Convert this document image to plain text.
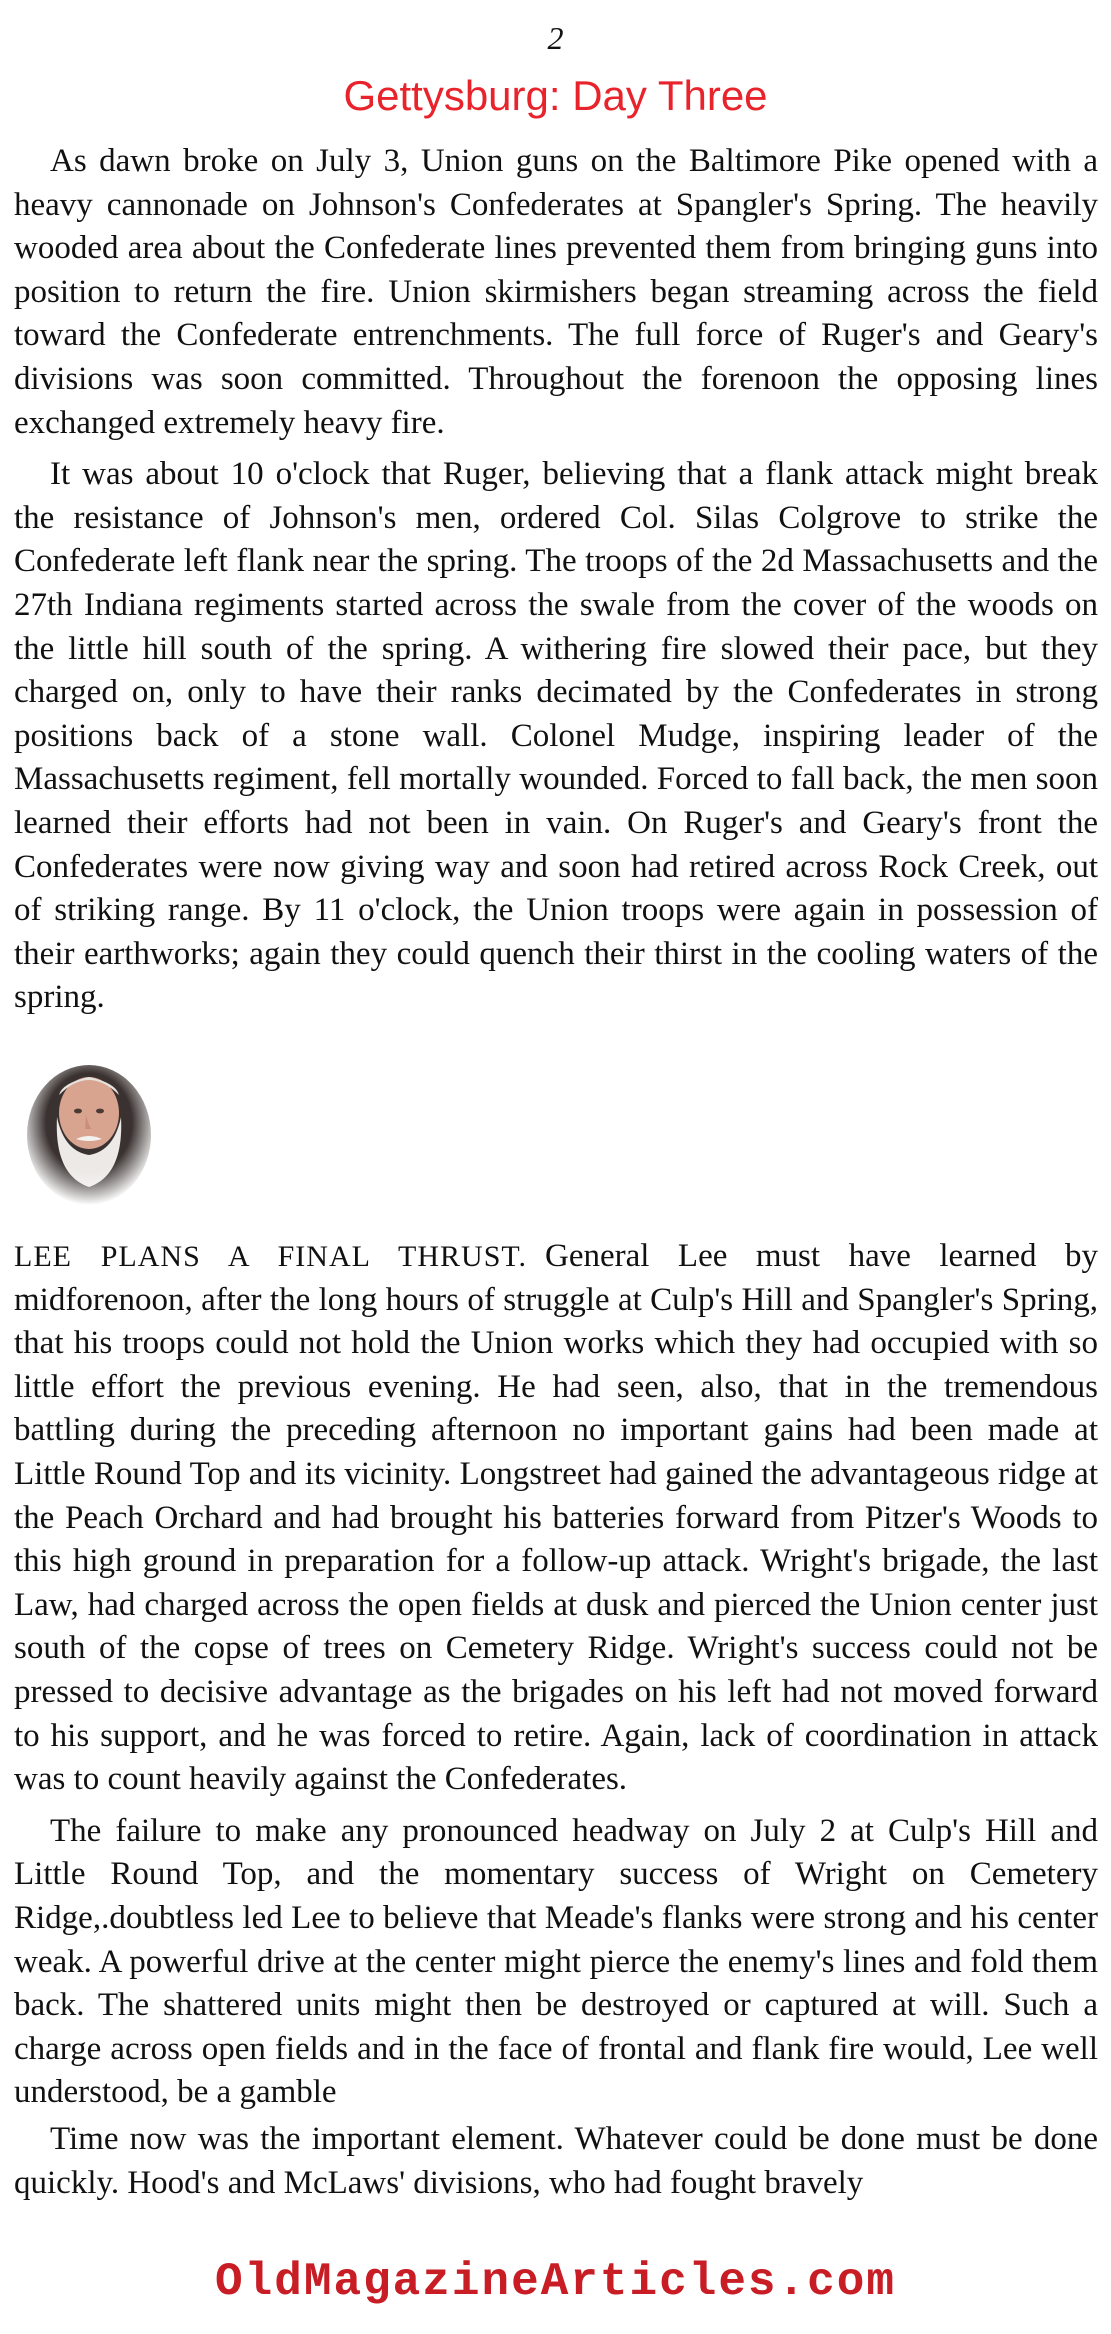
2
Gettysburg: Day Three

As dawn broke on July 3, Union guns on the Baltimore Pike opened with a heavy cannonade on Johnson's Confederates at Spangler's Spring. The heavily wooded area about the Confederate lines prevented them from bringing guns into position to return the fire. Union skirmishers began streaming across the field toward the Confederate entrenchments. The full force of Ruger's and Geary's divisions was soon committed. Throughout the forenoon the opposing lines exchanged extremely heavy fire.

It was about 10 o'clock that Ruger, believing that a flank attack might break the resistance of Johnson's men, ordered Col. Silas Colgrove to strike the Confederate left flank near the spring. The troops of the 2d Massachusetts and the 27th Indiana regiments started across the swale from the cover of the woods on the little hill south of the spring. A withering fire slowed their pace, but they charged on, only to have their ranks decimated by the Confederates in strong positions back of a stone wall. Colonel Mudge, inspiring leader of the Massachusetts regiment, fell mortally wounded. Forced to fall back, the men soon learned their efforts had not been in vain. On Ruger's and Geary's front the Confederates were now giving way and soon had retired across Rock Creek, out of striking range. By 11 o'clock, the Union troops were again in possession of their earthworks; again they could quench their thirst in the cooling waters of the spring.

LEE PLANS A FINAL THRUST. General Lee must have learned by midforenoon, after the long hours of struggle at Culp's Hill and Spangler's Spring, that his troops could not hold the Union works which they had occupied with so little effort the previous evening. He had seen, also, that in the tremendous battling during the preceding afternoon no important gains had been made at Little Round Top and its vicinity. Longstreet had gained the advantageous ridge at the Peach Orchard and had brought his batteries forward from Pitzer's Woods to this high ground in preparation for a follow-up attack. Wright's brigade, the last Law, had charged across the open fields at dusk and pierced the Union center just south of the copse of trees on Cemetery Ridge. Wright's success could not be pressed to decisive advantage as the brigades on his left had not moved forward to his support, and he was forced to retire. Again, lack of coordination in attack was to count heavily against the Confederates.

The failure to make any pronounced headway on July 2 at Culp's Hill and Little Round Top, and the momentary success of Wright on Cemetery Ridge,.doubtless led Lee to believe that Meade's flanks were strong and his center weak. A powerful drive at the center might pierce the enemy's lines and fold them back. The shattered units might then be destroyed or captured at will. Such a charge across open fields and in the face of frontal and flank fire would, Lee well understood, be a gamble

Time now was the important element. Whatever could be done must be done quickly. Hood's and McLaws' divisions, who had fought bravely

OldMagazineArticles.com
